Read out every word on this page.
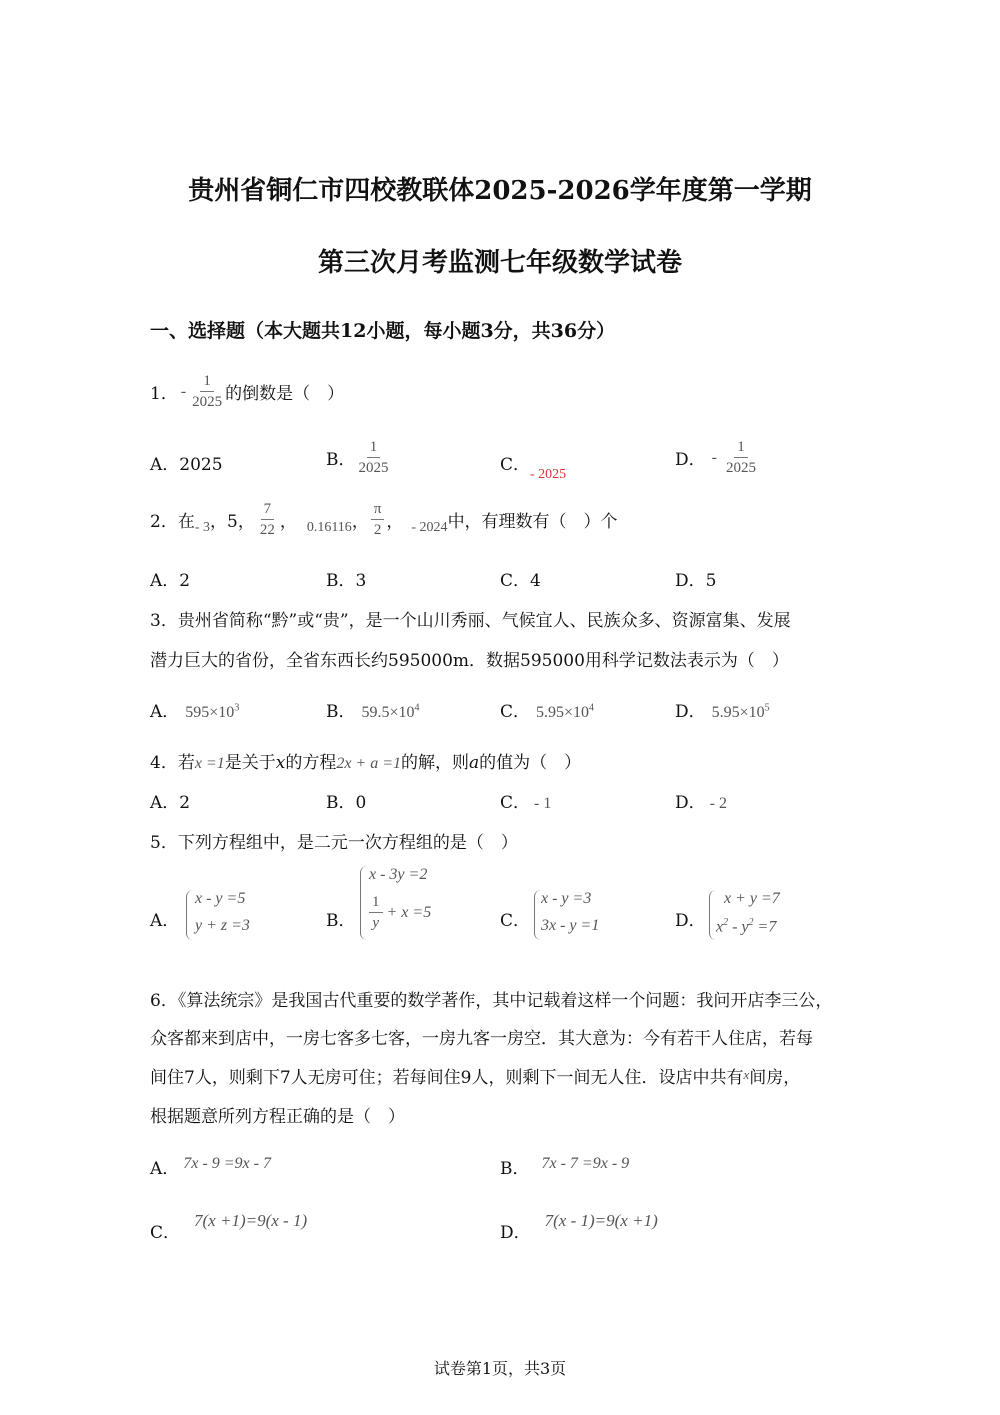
贵州省铜仁市四校教联体2025-2026学年度第一学期
第三次月考监测七年级数学试卷
一、选择题（本大题共12小题，每小题3分，共36分）
1． - $\frac{1}{2025}$ 的倒数是（　）
A．2025	B． $\frac{1}{2025}$	C．$_{- 2025}$
D． - $\frac{1}{2025}$
2．在 - 3 ，5， $\frac{7}{22}$ ， 0.16116 ， $\frac{\pi}{2}$ ， - 2024 中，有理数有（　）个
A．2	B．3	C．4	D．5
3．贵州省简称“黔”或“贵”，是一个山川秀丽、气候宜人、民族众多、资源富集、发展
潜力巨大的省份，全省东西长约595000m．数据595000用科学记数法表示为（　）
A． $595\times 10^3$	B． $59.5\times 10^4$	C． $5.95\times 10^4$	D． $5.95\times 10^5$
4．若x =1是关于x的方程2x + a =1的解，则a的值为（　）
A．2	B．0	C． - 1	D． - 2
5．下列方程组中，是二元一次方程组的是（　）
A．
x - y =5
y + z =3	B．
x - 3y =2
$\frac{1}{y} + x =5$	C．
x - y =3
3x - y =1	D．
x + y =7
$x^2 - y^2 =7$
6．《算法统宗》是我国古代重要的数学著作，其中记载着这样一个问题：我问开店李三公，
众客都来到店中，一房七客多七客，一房九客一房空．其大意为：今有若干人住店，若每
间住7人，则剩下7人无房可住；若每间住9人，则剩下一间无人住．设店中共有$^x$间房，
根据题意所列方程正确的是（　）
A． 7x - 9 =9x - 7	B． 7x - 7 =9x - 9
C．7(x +1)=9(x - 1)
D．7(x - 1)=9(x +1)
试卷第1页，共3页
